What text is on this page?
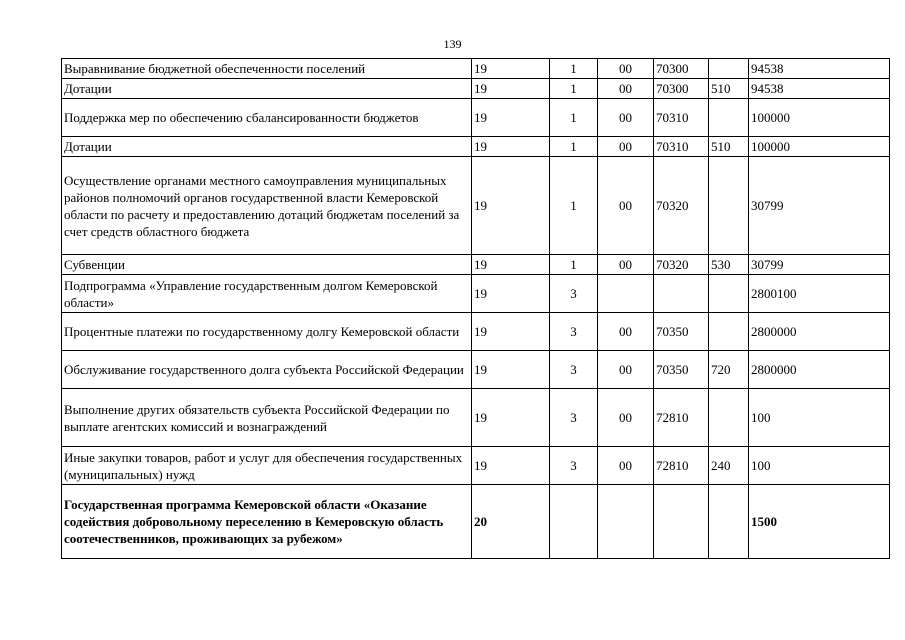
139
Выравнивание бюджетной обеспеченности поселений	19	1	00	70300		94538
Дотации	19	1	00	70300	510	94538
Поддержка мер по обеспечению сбалансированности бюджетов	19	1	00	70310		100000
Дотации	19	1	00	70310	510	100000
Осуществление органами местного самоуправления муниципальных районов полномочий органов государственной власти Кемеровской области по расчету и предоставлению дотаций бюджетам поселений за счет средств областного бюджета	19	1	00	70320		30799
Субвенции	19	1	00	70320	530	30799
Подпрограмма «Управление государственным долгом Кемеровской области»	19	3				2800100
Процентные платежи по государственному долгу Кемеровской области	19	3	00	70350		2800000
Обслуживание государственного долга субъекта Российской Федерации	19	3	00	70350	720	2800000
Выполнение других обязательств субъекта Российской Федерации по выплате агентских комиссий и вознаграждений	19	3	00	72810		100
Иные закупки товаров, работ и услуг для обеспечения государственных (муниципальных) нужд	19	3	00	72810	240	100
Государственная программа Кемеровской области «Оказание содействия добровольному переселению в Кемеровскую область соотечественников, проживающих за рубежом»	20					1500
